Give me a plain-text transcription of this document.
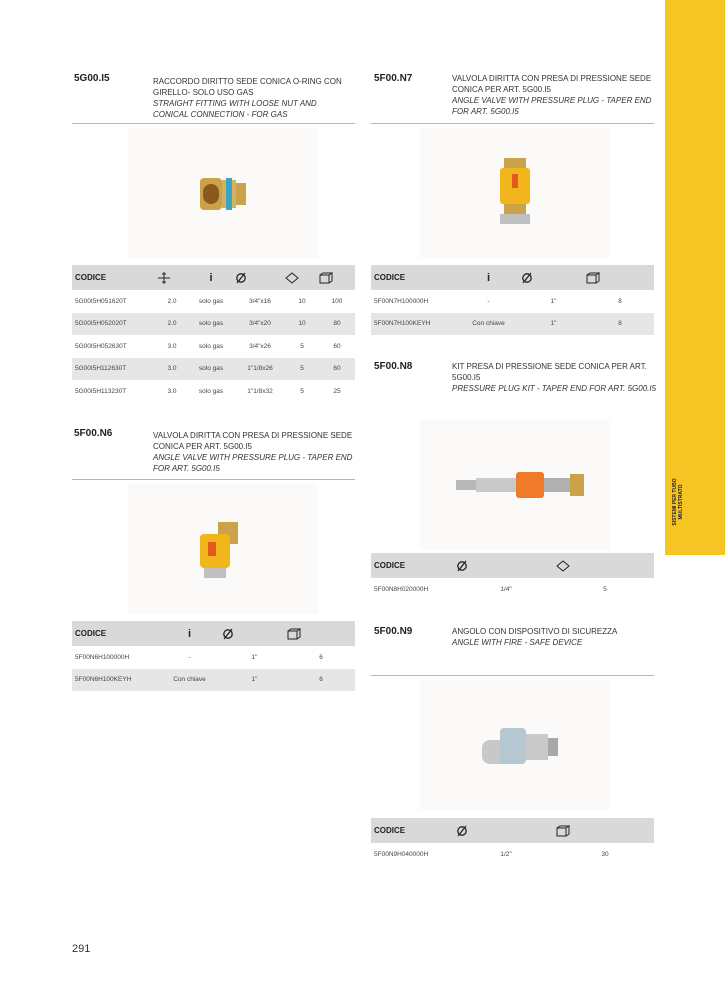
SISTEMI PER TUBO MULTISTRATO
5G00.I5	RACCORDO DIRITTO SEDE CONICA O-RING CON
GIRELLO- SOLO USO GAS
STRAIGHT FITTING WITH LOOSE NUT AND
CONICAL CONNECTION - FOR GAS
CODICE		i	

5G00I5H051620T	2.0	solo gas	3/4"x16	10	100
5G00I5H052020T	2.0	solo gas	3/4"x20	10	80
5G00I5H052630T	3.0	solo gas	3/4"x26	5	60
5G00I5H112630T	3.0	solo gas	1"1/8x26	5	60
5G00I5H113230T	3.0	solo gas	1"1/8x32	5	25
5F00.N7	VALVOLA DIRITTA CON PRESA DI PRESSIONE SEDE
CONICA PER ART. 5G00.I5
ANGLE VALVE WITH PRESSURE PLUG - TAPER END
FOR ART. 5G00.I5
CODICE	i	

5F00N7H100000H	-	1"	8
5F00N7H100KEYH	Con chiave	1"	8
5F00.N8	KIT PRESA DI PRESSIONE SEDE CONICA PER ART.
5G00.I5
PRESSURE PLUG KIT - TAPER END FOR ART. 5G00.I5
CODICE	

5F00N8H020000H	1/4"	5
5F00.N6	VALVOLA DIRITTA CON PRESA DI PRESSIONE SEDE
CONICA PER ART. 5G00.I5
ANGLE VALVE WITH PRESSURE PLUG - TAPER END
FOR ART. 5G00.I5
CODICE	i	

5F00N6H100000H	-	1"	6
5F00N6H100KEYH	Con chiave	1"	6
5F00.N9	ANGOLO CON DISPOSITIVO DI SICUREZZA
ANGLE WITH FIRE - SAFE DEVICE
CODICE	

5F00N9H040000H	1/2"	30
291
